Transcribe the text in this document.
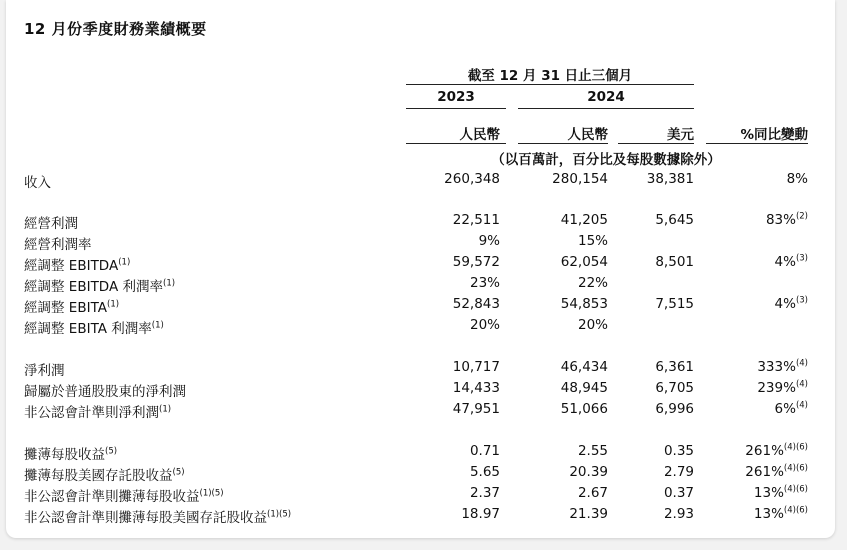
12 月份季度財務業績概要
截至 12 月 31 日止三個月
2023	2024
人民幣	人民幣	美元	%同比變動
（以百萬計，百分比及每股數據除外）
收入	260,348	280,154	38,381	8%
經營利潤	22,511	41,205	5,645	83%$^{(2)}$
經營利潤率	9%	15%
經調整 EBITDA$^{(1)}$	59,572	62,054	8,501	4%$^{(3)}$
經調整 EBITDA 利潤率$^{(1)}$	23%	22%
經調整 EBITA$^{(1)}$	52,843	54,853	7,515	4%$^{(3)}$
經調整 EBITA 利潤率$^{(1)}$	20%	20%
淨利潤	10,717	46,434	6,361	333%$^{(4)}$
歸屬於普通股股東的淨利潤	14,433	48,945	6,705	239%$^{(4)}$
非公認會計準則淨利潤$^{(1)}$	47,951	51,066	6,996	6%$^{(4)}$
攤薄每股收益$^{(5)}$	0.71	2.55	0.35	261%$^{(4)(6)}$
攤薄每股美國存託股收益$^{(5)}$	5.65	20.39	2.79	261%$^{(4)(6)}$
非公認會計準則攤薄每股收益$^{(1)(5)}$	2.37	2.67	0.37	13%$^{(4)(6)}$
非公認會計準則攤薄每股美國存託股收益$^{(1)(5)}$	18.97	21.39	2.93	13%$^{(4)(6)}$
